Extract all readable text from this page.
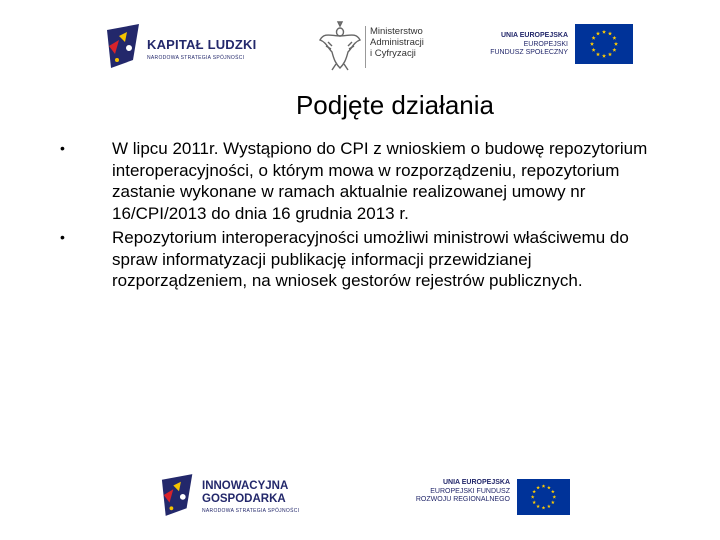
KAPITAŁ LUDZKI
NARODOWA STRATEGIA SPÓJNOŚCI
Ministerstwo
Administracji
i Cyfryzacji
UNIA EUROPEJSKA
EUROPEJSKI
FUNDUSZ SPOŁECZNY
Podjęte działania
•	W lipcu 2011r. Wystąpiono do CPI z wnioskiem o budowę repozytorium interoperacyjności, o którym mowa w rozporządzeniu, repozytorium zastanie wykonane w ramach aktualnie realizowanej umowy nr 16/CPI/2013 do dnia 16 grudnia 2013 r.
•	Repozytorium interoperacyjności umożliwi ministrowi właściwemu do spraw informatyzacji publikację informacji przewidzianej rozporządzeniem, na wniosek gestorów rejestrów publicznych.
INNOWACYJNA
GOSPODARKA
NARODOWA STRATEGIA SPÓJNOŚCI
UNIA EUROPEJSKA
EUROPEJSKI FUNDUSZ
ROZWOJU REGIONALNEGO
